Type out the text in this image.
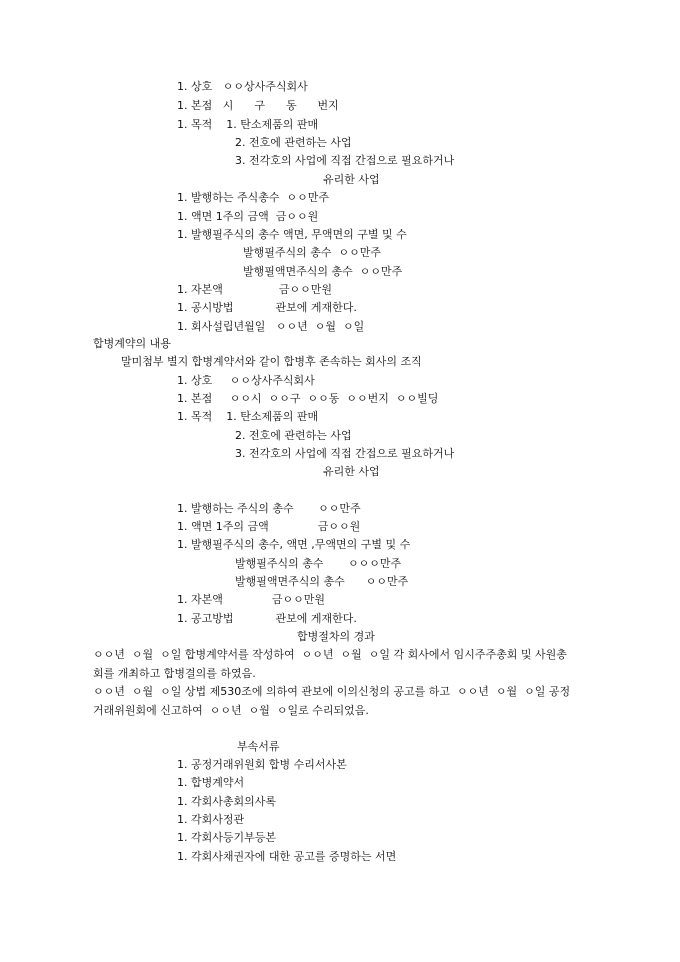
1. 상호   ㅇㅇ상사주식회사
1. 본점   시      구      동      번지
1. 목적    1. 탄소제품의 판매
2. 전호에 관련하는 사업
3. 전각호의 사업에 직접 간접으로 필요하거나
유리한 사업
1. 발행하는 주식총수  ㅇㅇ만주
1. 액면 1주의 금액  금ㅇㅇ원
1. 발행필주식의 총수 액면, 무액면의 구별 및 수
발행필주식의 총수  ㅇㅇ만주
발행필액면주식의 총수  ㅇㅇ만주
1. 자본액                금ㅇㅇ만원
1. 공시방법            관보에 게재한다.
1. 회사설립년월일   ㅇㅇ년  ㅇ월  ㅇ일
합병계약의 내용
말미첨부 별지 합병계약서와 같이 합병후 존속하는 회사의 조직
1. 상호     ㅇㅇ상사주식회사
1. 본점     ㅇㅇ시  ㅇㅇ구  ㅇㅇ동  ㅇㅇ번지  ㅇㅇ빌딩
1. 목적    1. 탄소제품의 판매
2. 전호에 관련하는 사업
3. 전각호의 사업에 직접 간접으로 필요하거나
유리한 사업
1. 발행하는 주식의 총수       ㅇㅇ만주
1. 액면 1주의 금액              금ㅇㅇ원
1. 발행필주식의 총수, 액면 ,무액면의 구별 및 수
발행필주식의 총수       ㅇㅇㅇ만주
발행필액면주식의 총수      ㅇㅇ만주
1. 자본액              금ㅇㅇ만원
1. 공고방법            관보에 게재한다.
합병절차의 경과
ㅇㅇ년  ㅇ월  ㅇ일 합병계약서를 작성하여  ㅇㅇ년  ㅇ월  ㅇ일 각 회사에서 임시주주총회 및 사원총
회를 개최하고 합병결의를 하였음.
ㅇㅇ년  ㅇ월  ㅇ일 상법 제530조에 의하여 관보에 이의신청의 공고를 하고  ㅇㅇ년  ㅇ월  ㅇ일 공정
거래위원회에 신고하여  ㅇㅇ년  ㅇ월  ㅇ일로 수리되었음.
부속서류
1. 공정거래위원회 합병 수리서사본
1. 합병계약서
1. 각회사총회의사록
1. 각회사정관
1. 각회사등기부등본
1. 각회사채권자에 대한 공고를 증명하는 서면
